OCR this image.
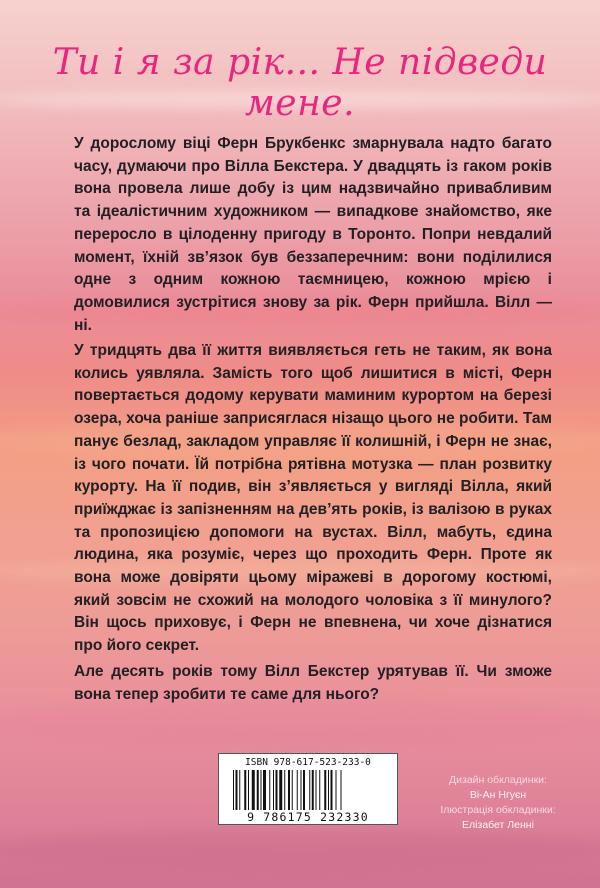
Ти і я за рік... Не підведи мене.
У дорослому віці Ферн Брукбенкс змарнувала надто багато часу, думаючи про Вілла Бекстера. У двадцять із гаком років вона провела лише добу із цим надзвичайно привабливим та ідеалістичним художником — випадкове знайомство, яке переросло в цілоденну пригоду в Торонто. Попри невдалий момент, їхній зв’язок був беззаперечним: вони поділилися одне з одним кожною таємницею, кожною мрією і домовилися зустрітися знову за рік. Ферн прийшла. Вілл — ні.
У тридцять два її життя виявляється геть не таким, як вона колись уявляла. Замість того щоб лишитися в місті, Ферн повертається додому керувати маминим курортом на березі озера, хоча раніше заприсяглася нізащо цього не робити. Там панує безлад, закладом управляє її колишній, і Ферн не знає, із чого почати. Їй потрібна рятівна мотузка — план розвитку курорту. На її подив, він з’являється у вигляді Вілла, який приїжджає із запізненням на дев’ять років, із валізою в руках та пропозицією допомоги на вустах. Вілл, мабуть, єдина людина, яка розуміє, через що проходить Ферн. Проте як вона може довіряти цьому міражеві в дорогому костюмі, який зовсім не схожий на молодого чоловіка з її минулого? Він щось приховує, і Ферн не впевнена, чи хоче дізнатися про його секрет.
Але десять років тому Вілл Бекстер урятував її. Чи зможе вона тепер зробити те саме для нього?
ISBN 978-617-523-233-0
9 786175 232330
Дизайн обкладинки:
Ві-Ан Нгуєн
Ілюстрація обкладинки:
Елізабет Ленні
